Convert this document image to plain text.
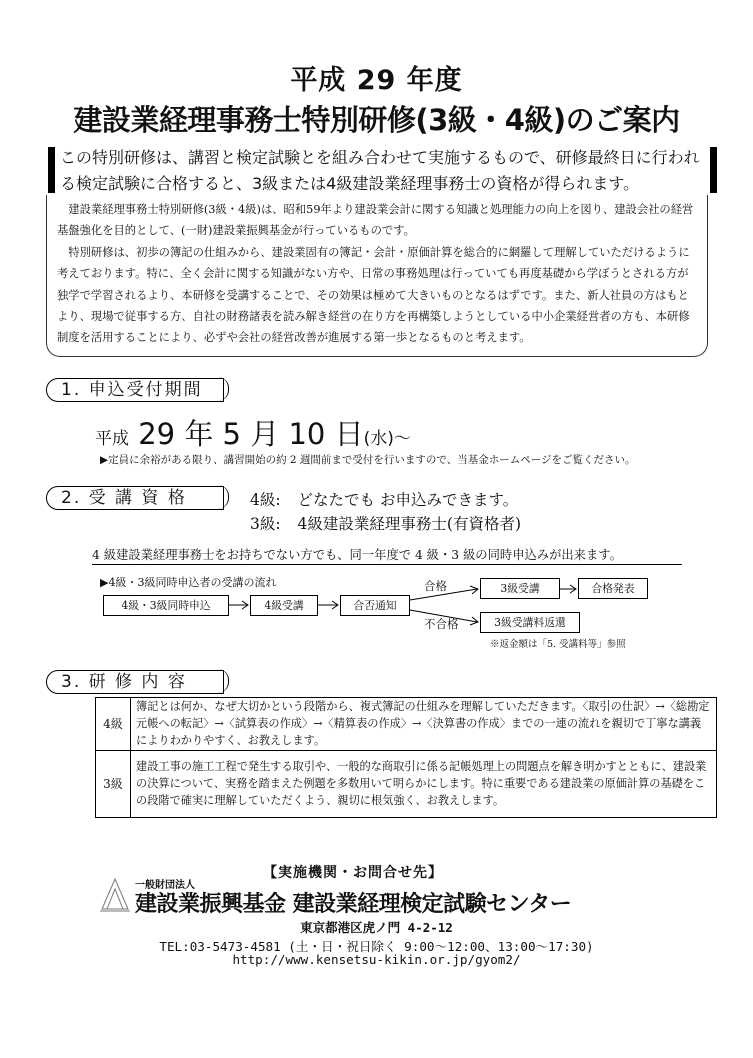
平成 29 年度
建設業経理事務士特別研修(3級・4級)のご案内
この特別研修は、講習と検定試験とを組み合わせて実施するもので、研修最終日に行われ
る検定試験に合格すると、3級または4級建設業経理事務士の資格が得られます。

建設業経理事務士特別研修(3級・4級)は、昭和59年より建設業会計に関する知識と処理能力の向上を図り、建設会社の経営基盤強化を目的として、(一財)建設業振興基金が行っているものです。

特別研修は、初歩の簿記の仕組みから、建設業固有の簿記・会計・原価計算を総合的に網羅して理解していただけるように考えております。特に、全く会計に関する知識がない方や、日常の事務処理は行っていても再度基礎から学ぼうとされる方が独学で学習されるより、本研修を受講することで、その効果は極めて大きいものとなるはずです。また、新人社員の方はもとより、現場で従事する方、自社の財務諸表を読み解き経営の在り方を再構築しようとしている中小企業経営者の方も、本研修制度を活用することにより、必ずや会社の経営改善が進展する第一歩となるものと考えます。

1. 申込受付期間
平成 29 年 5 月 10 日(水)〜
▶定員に余裕がある限り、講習開始の約 2 週間前まで受付を行いますので、当基金ホームページをご覧ください。
2. 受 講 資 格	4級: どなたでも お申込みできます。
3級: 4級建設業経理事務士(有資格者)
4 級建設業経理事務士をお持ちでない方でも、同一年度で 4 級・3 級の同時申込みが出来ます。
▶4級・3級同時申込者の受講の流れ
4級・3級同時申込	4級受講	合否通知
合格
不合格
3級受講	合格発表
3級受講料返還
※返金額は「5. 受講料等」参照
3. 研 修 内 容
4級	簿記とは何か、なぜ大切かという段階から、複式簿記の仕組みを理解していただきます。〈取引の仕訳〉→〈総勘定元帳への転記〉→〈試算表の作成〉→〈精算表の作成〉→〈決算書の作成〉までの一連の流れを親切で丁寧な講義によりわかりやすく、お教えします。
3級	建設工事の施工工程で発生する取引や、一般的な商取引に係る記帳処理上の問題点を解き明かすとともに、建設業の決算について、実務を踏まえた例題を多数用いて明らかにします。特に重要である建設業の原価計算の基礎をこの段階で確実に理解していただくよう、親切に根気強く、お教えします。
【実施機関・お問合せ先】
一般財団法人
建設業振興基金 建設業経理検定試験センター
東京都港区虎ノ門 4-2-12
TEL:03-5473-4581 (土・日・祝日除く 9:00〜12:00、13:00〜17:30)
http://www.kensetsu-kikin.or.jp/gyom2/
